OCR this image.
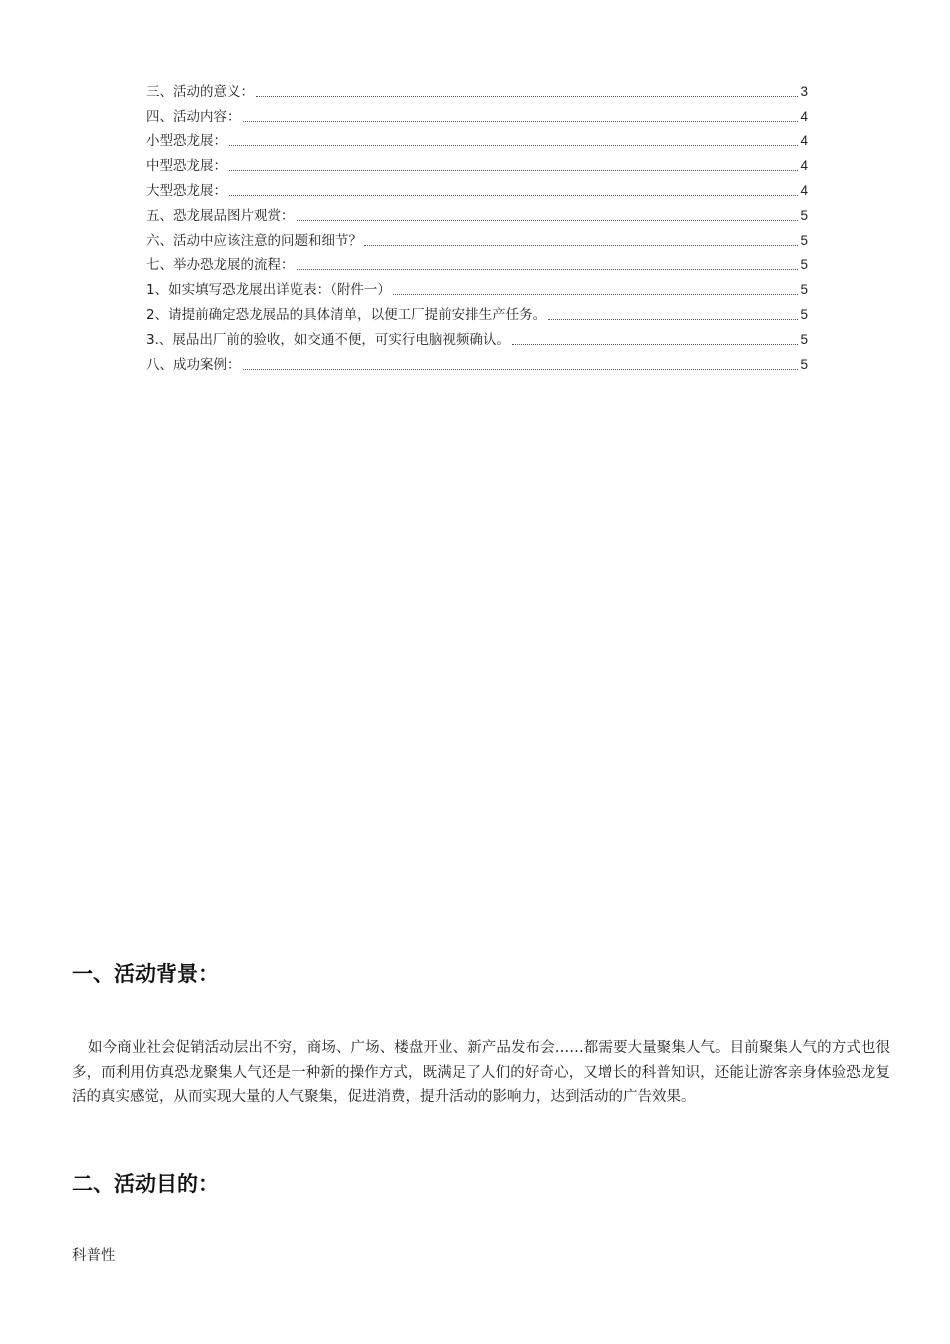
三、活动的意义：	3
四、活动内容：	4
小型恐龙展：	4
中型恐龙展：	4
大型恐龙展：	4
五、恐龙展品图片观赏：	5
六、活动中应该注意的问题和细节？	5
七、举办恐龙展的流程：	5
1、如实填写恐龙展出详览表：（附件一）	5
2、请提前确定恐龙展品的具体清单，以便工厂提前安排生产任务。	5
3.、展品出厂前的验收，如交通不便，可实行电脑视频确认。	5
八、成功案例：	5
一、活动背景：

如今商业社会促销活动层出不穷，商场、广场、楼盘开业、新产品发布会……都需要大量聚集人气。目前聚集人气的方式也很多，而利用仿真恐龙聚集人气还是一种新的操作方式，既满足了人们的好奇心，又增长的科普知识，还能让游客亲身体验恐龙复活的真实感觉，从而实现大量的人气聚集，促进消费，提升活动的影响力，达到活动的广告效果。

二、活动目的：

科普性
